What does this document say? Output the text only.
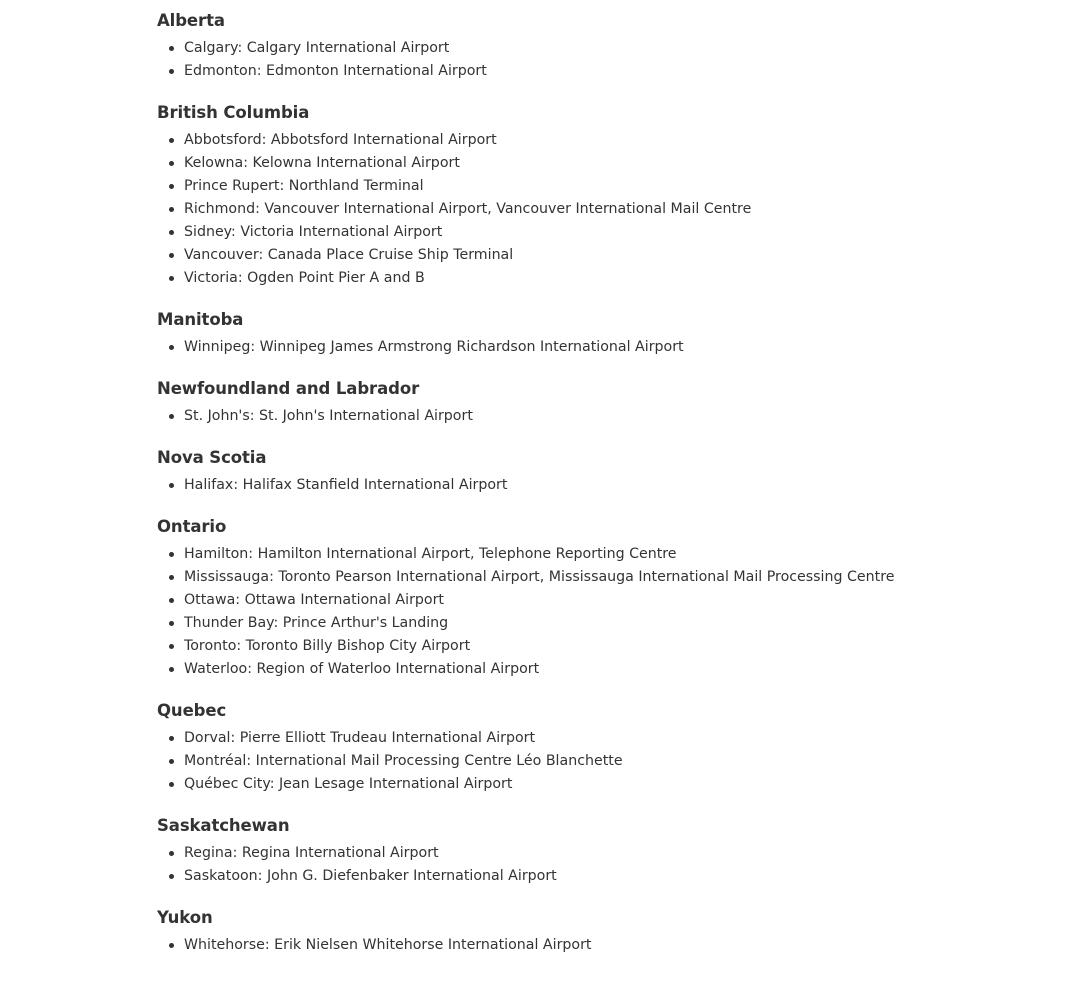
Alberta
Calgary: Calgary International Airport
Edmonton: Edmonton International Airport
British Columbia
Abbotsford: Abbotsford International Airport
Kelowna: Kelowna International Airport
Prince Rupert: Northland Terminal
Richmond: Vancouver International Airport, Vancouver International Mail Centre
Sidney: Victoria International Airport
Vancouver: Canada Place Cruise Ship Terminal
Victoria: Ogden Point Pier A and B
Manitoba
Winnipeg: Winnipeg James Armstrong Richardson International Airport
Newfoundland and Labrador
St. John's: St. John's International Airport
Nova Scotia
Halifax: Halifax Stanfield International Airport
Ontario
Hamilton: Hamilton International Airport, Telephone Reporting Centre
Mississauga: Toronto Pearson International Airport, Mississauga International Mail Processing Centre
Ottawa: Ottawa International Airport
Thunder Bay: Prince Arthur's Landing
Toronto: Toronto Billy Bishop City Airport
Waterloo: Region of Waterloo International Airport
Quebec
Dorval: Pierre Elliott Trudeau International Airport
Montréal: International Mail Processing Centre Léo Blanchette
Québec City: Jean Lesage International Airport
Saskatchewan
Regina: Regina International Airport
Saskatoon: John G. Diefenbaker International Airport
Yukon
Whitehorse: Erik Nielsen Whitehorse International Airport
